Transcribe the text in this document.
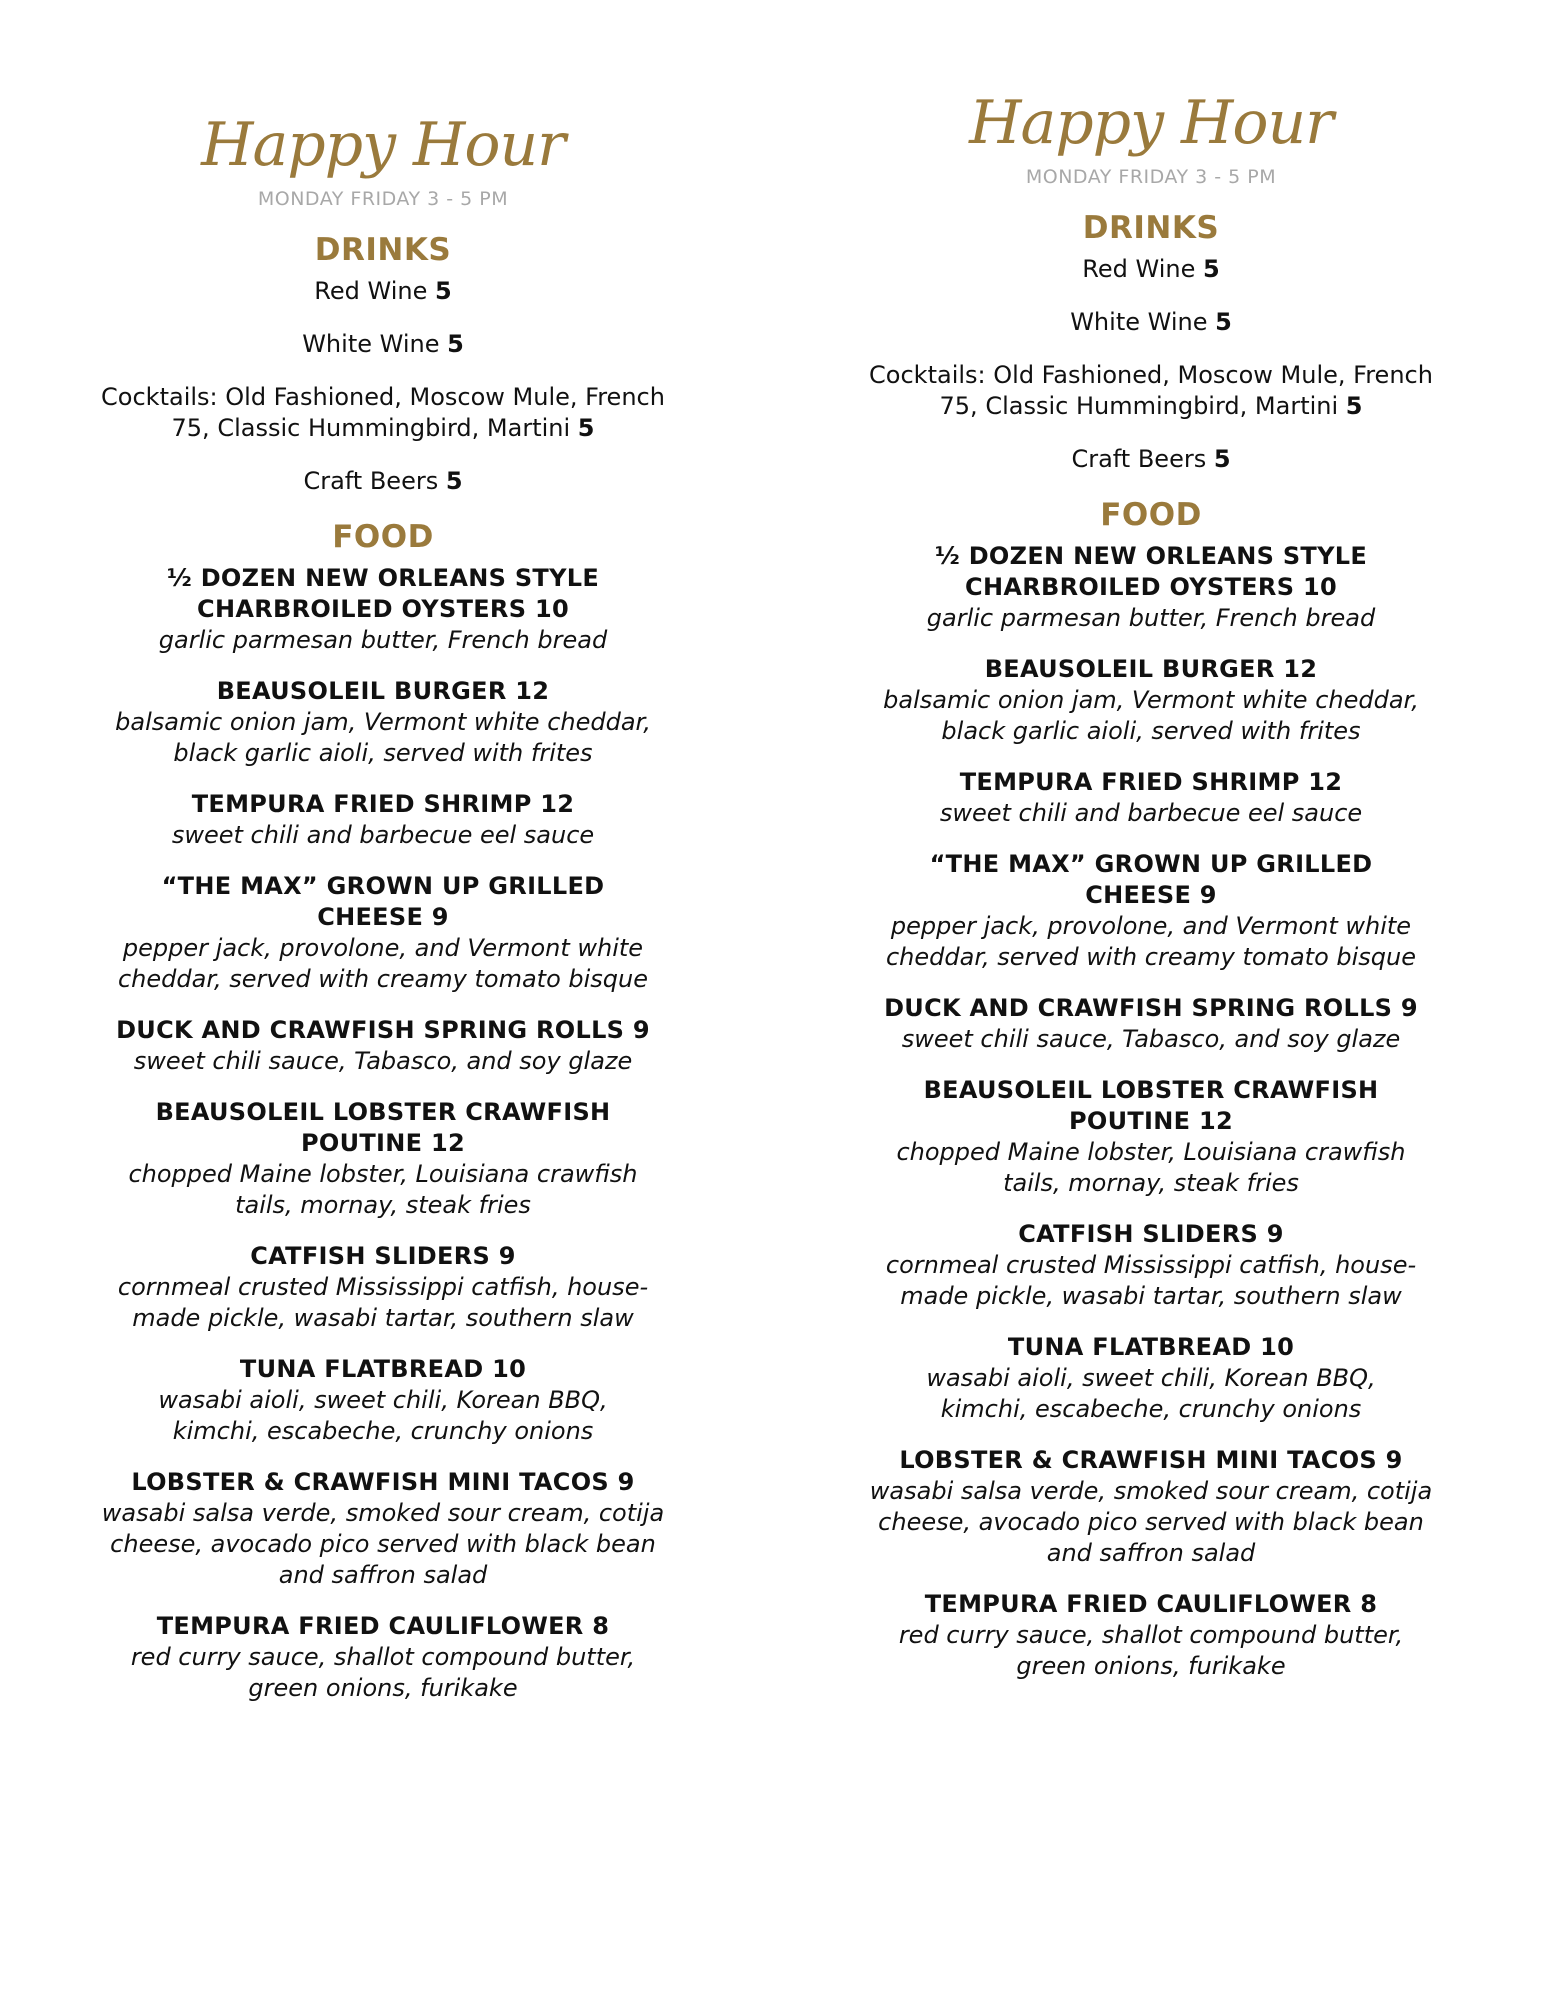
Happy Hour
MONDAY FRIDAY 3 - 5 PM
DRINKS
Red Wine 5
White Wine 5
Cocktails: Old Fashioned, Moscow Mule, French 75, Classic Hummingbird, Martini 5
Craft Beers 5
FOOD
½ DOZEN NEW ORLEANS STYLE CHARBROILED OYSTERS 10
garlic parmesan butter, French bread
BEAUSOLEIL BURGER 12
balsamic onion jam, Vermont white cheddar, black garlic aioli, served with frites
TEMPURA FRIED SHRIMP 12
sweet chili and barbecue eel sauce
“THE MAX” GROWN UP GRILLED CHEESE 9
pepper jack, provolone, and Vermont white cheddar, served with creamy tomato bisque
DUCK AND CRAWFISH SPRING ROLLS 9
sweet chili sauce, Tabasco, and soy glaze
BEAUSOLEIL LOBSTER CRAWFISH POUTINE 12
chopped Maine lobster, Louisiana crawfish tails, mornay, steak fries
CATFISH SLIDERS 9
cornmeal crusted Mississippi catfish, house-made pickle, wasabi tartar, southern slaw
TUNA FLATBREAD 10
wasabi aioli, sweet chili, Korean BBQ, kimchi, escabeche, crunchy onions
LOBSTER & CRAWFISH MINI TACOS 9
wasabi salsa verde, smoked sour cream, cotija cheese, avocado pico served with black bean and saffron salad
TEMPURA FRIED CAULIFLOWER 8
red curry sauce, shallot compound butter, green onions, furikake
Happy Hour
MONDAY FRIDAY 3 - 5 PM
DRINKS
Red Wine 5
White Wine 5
Cocktails: Old Fashioned, Moscow Mule, French 75, Classic Hummingbird, Martini 5
Craft Beers 5
FOOD
½ DOZEN NEW ORLEANS STYLE CHARBROILED OYSTERS 10
garlic parmesan butter, French bread
BEAUSOLEIL BURGER 12
balsamic onion jam, Vermont white cheddar, black garlic aioli, served with frites
TEMPURA FRIED SHRIMP 12
sweet chili and barbecue eel sauce
“THE MAX” GROWN UP GRILLED CHEESE 9
pepper jack, provolone, and Vermont white cheddar, served with creamy tomato bisque
DUCK AND CRAWFISH SPRING ROLLS 9
sweet chili sauce, Tabasco, and soy glaze
BEAUSOLEIL LOBSTER CRAWFISH POUTINE 12
chopped Maine lobster, Louisiana crawfish tails, mornay, steak fries
CATFISH SLIDERS 9
cornmeal crusted Mississippi catfish, house-made pickle, wasabi tartar, southern slaw
TUNA FLATBREAD 10
wasabi aioli, sweet chili, Korean BBQ, kimchi, escabeche, crunchy onions
LOBSTER & CRAWFISH MINI TACOS 9
wasabi salsa verde, smoked sour cream, cotija cheese, avocado pico served with black bean and saffron salad
TEMPURA FRIED CAULIFLOWER 8
red curry sauce, shallot compound butter, green onions, furikake
